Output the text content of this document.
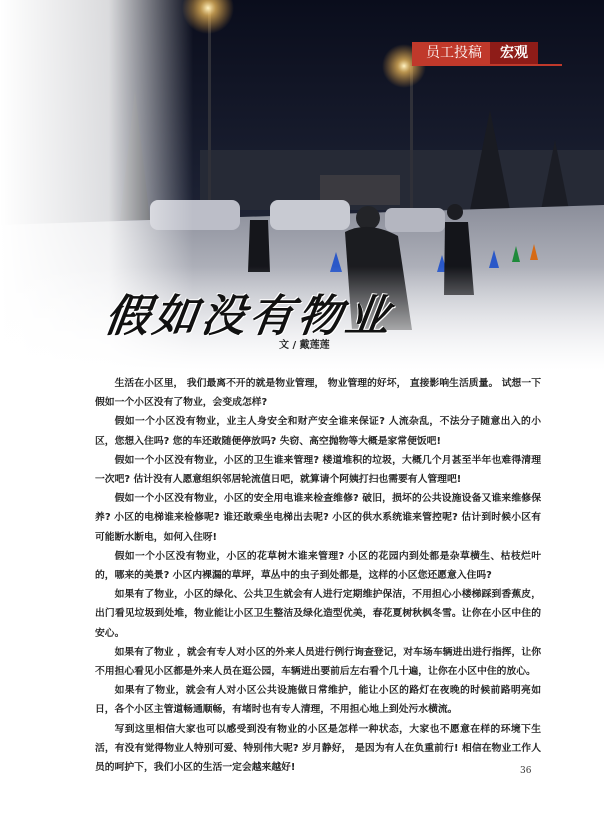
员工投稿	宏观
假如没有物业
文 / 戴莲莲

生活在小区里， 我们最离不开的就是物业管理， 物业管理的好坏， 直接影响生活质量。 试想一下假如一个小区没有了物业，会变成怎样?

假如一个小区没有物业，业主人身安全和财产安全谁来保证? 人流杂乱，不法分子随意出入的小区，您想入住吗? 您的车还敢随便停放吗? 失窃、高空抛物等大概是家常便饭吧!

假如一个小区没有物业，小区的卫生谁来管理? 楼道堆积的垃圾，大概几个月甚至半年也难得清理一次吧? 估计没有人愿意组织邻居轮流值日吧，就算请个阿姨打扫也需要有人管理吧!

假如一个小区没有物业，小区的安全用电谁来检查维修? 破旧，损坏的公共设施设备又谁来维修保养? 小区的电梯谁来检修呢? 谁还敢乘坐电梯出去呢? 小区的供水系统谁来管控呢? 估计到时候小区有可能断水断电，如何入住呀!

假如一个小区没有物业，小区的花草树木谁来管理? 小区的花园内到处都是杂草横生、枯枝烂叶的，哪来的美景? 小区内裸漏的草坪，草丛中的虫子到处都是，这样的小区您还愿意入住吗?

如果有了物业，小区的绿化、公共卫生就会有人进行定期维护保洁，不用担心小楼梯踩到香蕉皮，出门看见垃圾到处堆，物业能让小区卫生整洁及绿化造型优美，春花夏树秋枫冬雪。让你在小区中住的安心。

如果有了物业 ，就会有专人对小区的外来人员进行例行询查登记，对车场车辆进出进行指挥，让你不用担心看见小区都是外来人员在逛公园，车辆进出要前后左右看个几十遍，让你在小区中住的放心。

如果有了物业，就会有人对小区公共设施做日常维护，能让小区的路灯在夜晚的时候前路明亮如日，各个小区主管道畅通顺畅，有堵时也有专人清理，不用担心地上到处污水横流。

写到这里相信大家也可以感受到没有物业的小区是怎样一种状态，大家也不愿意在样的环境下生活，有没有觉得物业人特别可爱、特别伟大呢? 岁月静好， 是因为有人在负重前行! 相信在物业工作人员的呵护下，我们小区的生活一定会越来越好!	36
